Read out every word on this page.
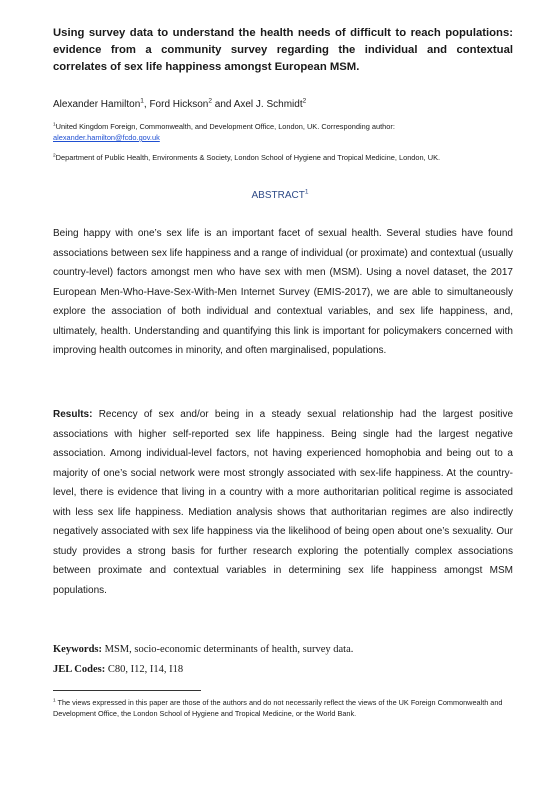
Using survey data to understand the health needs of difficult to reach populations: evidence from a community survey regarding the individual and contextual correlates of sex life happiness amongst European MSM.
Alexander Hamilton$^1$, Ford Hickson$^2$ and Axel J. Schmidt$^2$
$^1$United Kingdom Foreign, Commonwealth, and Development Office, London, UK. Corresponding author:
alexander.hamilton@fcdo.gov.uk
$^2$Department of Public Health, Environments & Society, London School of Hygiene and Tropical Medicine, London, UK.
ABSTRACT$^1$

Being happy with one’s sex life is an important facet of sexual health. Several studies have found associations between sex life happiness and a range of individual (or proximate) and contextual (usually country-level) factors amongst men who have sex with men (MSM). Using a novel dataset, the 2017 European Men-Who-Have-Sex-With-Men Internet Survey (EMIS-2017), we are able to simultaneously explore the association of both individual and contextual variables, and sex life happiness, and, ultimately, health. Understanding and quantifying this link is important for policymakers concerned with improving health outcomes in minority, and often marginalised, populations.

Results: Recency of sex and/or being in a steady sexual relationship had the largest positive associations with higher self-reported sex life happiness. Being single had the largest negative association. Among individual-level factors, not having experienced homophobia and being out to a majority of one’s social network were most strongly associated with sex-life happiness. At the country-level, there is evidence that living in a country with a more authoritarian political regime is associated with less sex life happiness. Mediation analysis shows that authoritarian regimes are also indirectly negatively associated with sex life happiness via the likelihood of being open about one’s sexuality. Our study provides a strong basis for further research exploring the potentially complex associations between proximate and contextual variables in determining sex life happiness amongst MSM populations.

Keywords: MSM, socio-economic determinants of health, survey data.
JEL Codes: C80, I12, I14, I18
$^1$ The views expressed in this paper are those of the authors and do not necessarily reflect the views of the UK Foreign Commonwealth and Development Office, the London School of Hygiene and Tropical Medicine, or the World Bank.
